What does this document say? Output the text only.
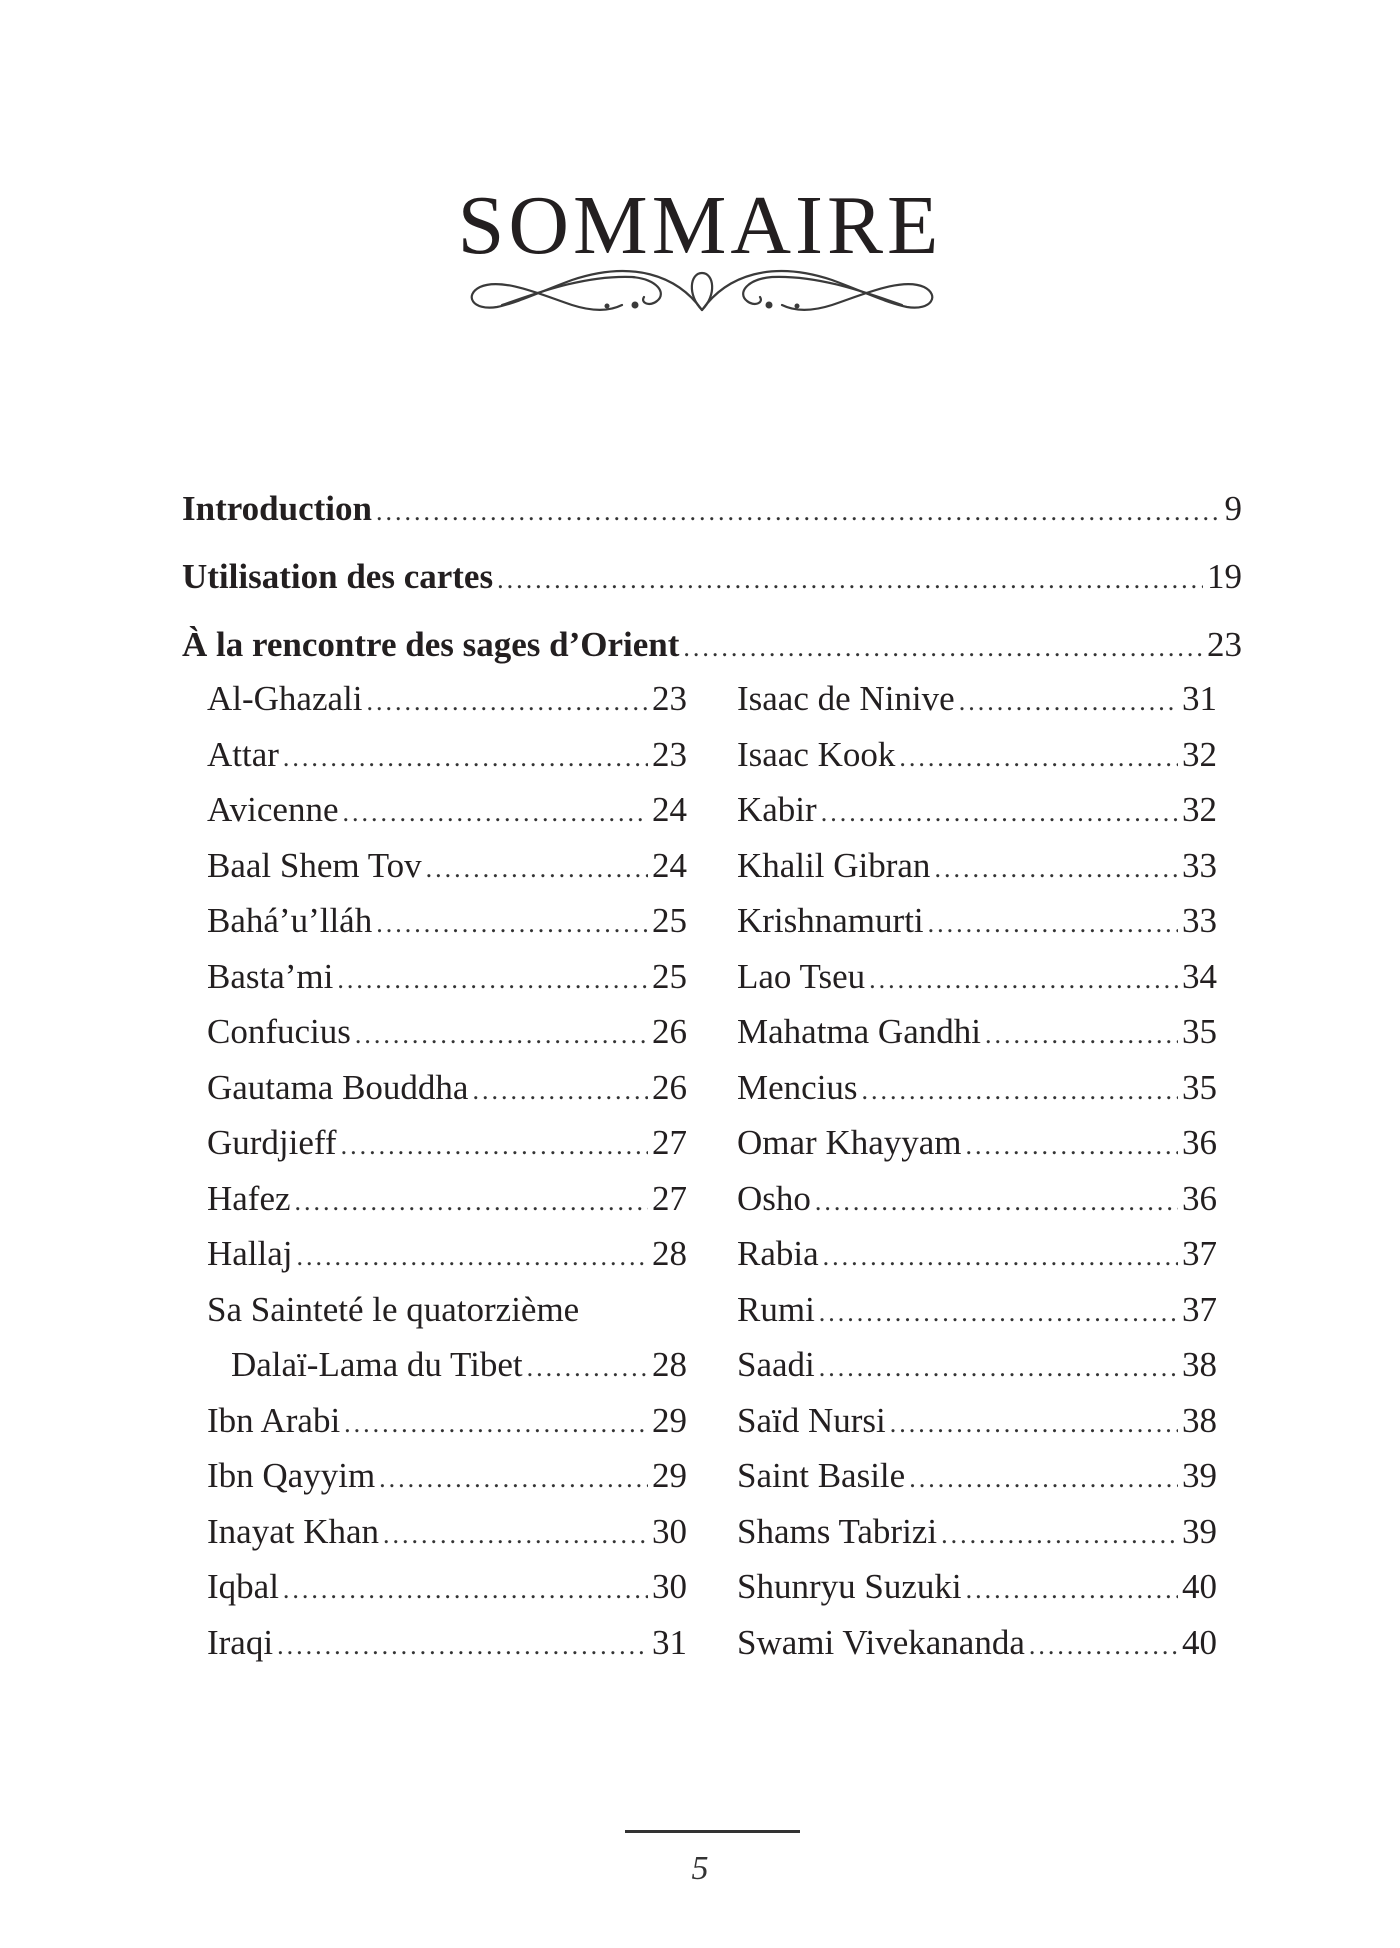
SOMMAIRE
Introduction .....	9
Utilisation des cartes .....	19
À la rencontre des sages d’Orient .....	23
Al-Ghazali .....	23
Attar .....	23
Avicenne .....	24
Baal Shem Tov .....	24
Bahá’u’lláh .....	25
Basta’mi .....	25
Confucius .....	26
Gautama Bouddha .....	26
Gurdjieff .....	27
Hafez .....	27
Hallaj .....	28
Sa Sainteté le quatorzième
Dalaï-Lama du Tibet .....	28
Ibn Arabi .....	29
Ibn Qayyim .....	29
Inayat Khan .....	30
Iqbal .....	30
Iraqi .....	31
Isaac de Ninive .....	31
Isaac Kook .....	32
Kabir .....	32
Khalil Gibran .....	33
Krishnamurti .....	33
Lao Tseu .....	34
Mahatma Gandhi .....	35
Mencius .....	35
Omar Khayyam .....	36
Osho .....	36
Rabia .....	37
Rumi .....	37
Saadi .....	38
Saïd Nursi .....	38
Saint Basile .....	39
Shams Tabrizi .....	39
Shunryu Suzuki .....	40
Swami Vivekananda .....	40
5
